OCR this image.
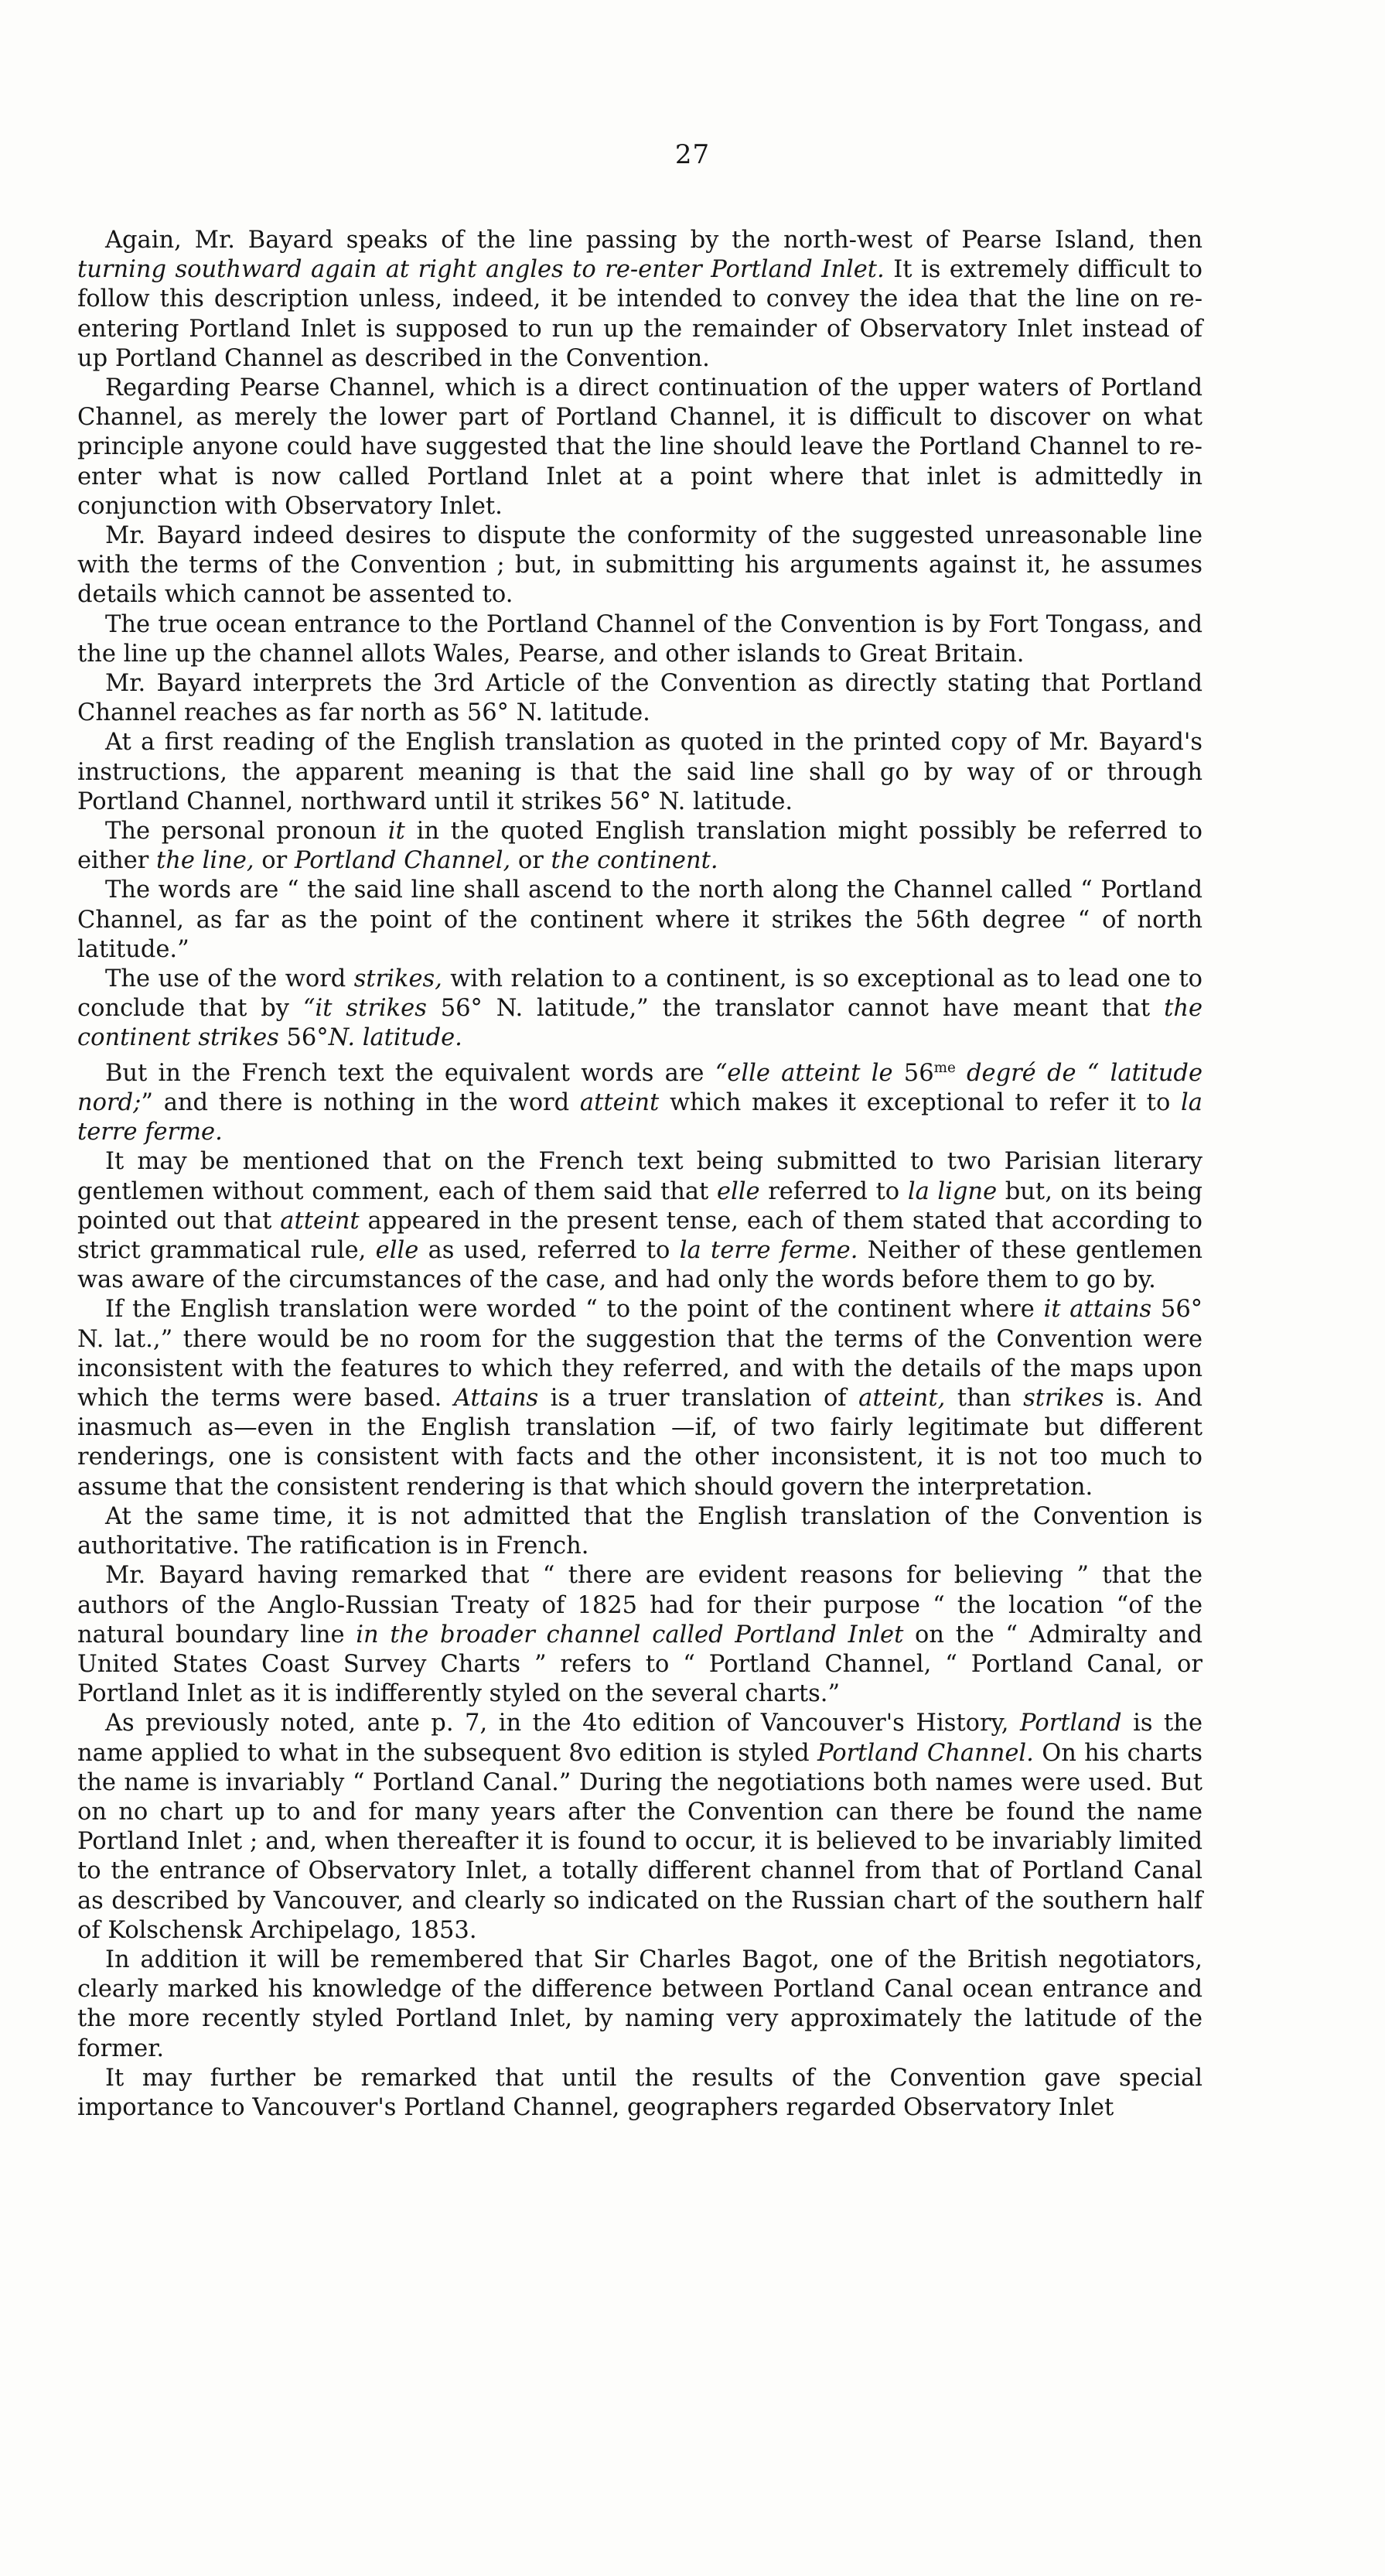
27

Again, Mr. Bayard speaks of the line passing by the north-west of Pearse Island, then turning southward again at right angles to re-enter Portland Inlet. It is extremely difficult to follow this description unless, indeed, it be intended to convey the idea that the line on re-entering Portland Inlet is supposed to run up the remainder of Observatory Inlet instead of up Portland Channel as described in the Convention.

Regarding Pearse Channel, which is a direct continuation of the upper waters of Portland Channel, as merely the lower part of Portland Channel, it is difficult to discover on what principle anyone could have suggested that the line should leave the Portland Channel to re-enter what is now called Portland Inlet at a point where that inlet is admittedly in conjunction with Observatory Inlet.

Mr. Bayard indeed desires to dispute the conformity of the suggested unreasonable line with the terms of the Convention ; but, in submitting his arguments against it, he assumes details which cannot be assented to.

The true ocean entrance to the Portland Channel of the Convention is by Fort Tongass, and the line up the channel allots Wales, Pearse, and other islands to Great Britain.

Mr. Bayard interprets the 3rd Article of the Convention as directly stating that Portland Channel reaches as far north as 56° N. latitude.

At a first reading of the English translation as quoted in the printed copy of Mr. Bayard's instructions, the apparent meaning is that the said line shall go by way of or through Portland Channel, northward until it strikes 56° N. latitude.

The personal pronoun it in the quoted English translation might possibly be referred to either the line, or Portland Channel, or the continent.

The words are “ the said line shall ascend to the north along the Channel called “ Portland Channel, as far as the point of the continent where it strikes the 56th degree “ of north latitude.”

The use of the word strikes, with relation to a continent, is so exceptional as to lead one to conclude that by “it strikes 56° N. latitude,” the translator cannot have meant that the continent strikes 56°N. latitude.

But in the French text the equivalent words are “elle atteint le $56^{me}$ degré de “ latitude nord;” and there is nothing in the word atteint which makes it exceptional to refer it to la terre ferme.

It may be mentioned that on the French text being submitted to two Parisian literary gentlemen without comment, each of them said that elle referred to la ligne but, on its being pointed out that atteint appeared in the present tense, each of them stated that according to strict grammatical rule, elle as used, referred to la terre ferme. Neither of these gentlemen was aware of the circumstances of the case, and had only the words before them to go by.

If the English translation were worded “ to the point of the continent where it attains 56° N. lat.,” there would be no room for the suggestion that the terms of the Convention were inconsistent with the features to which they referred, and with the details of the maps upon which the terms were based. Attains is a truer translation of atteint, than strikes is. And inasmuch as—even in the English translation —if, of two fairly legitimate but different renderings, one is consistent with facts and the other inconsistent, it is not too much to assume that the consistent rendering is that which should govern the interpretation.

At the same time, it is not admitted that the English translation of the Convention is authoritative. The ratification is in French.

Mr. Bayard having remarked that “ there are evident reasons for believing ” that the authors of the Anglo-Russian Treaty of 1825 had for their purpose “ the location “of the natural boundary line in the broader channel called Portland Inlet on the “ Admiralty and United States Coast Survey Charts ” refers to “ Portland Channel, “ Portland Canal, or Portland Inlet as it is indifferently styled on the several charts.”

As previously noted, ante p. 7, in the 4to edition of Vancouver's History, Portland is the name applied to what in the subsequent 8vo edition is styled Portland Channel. On his charts the name is invariably “ Portland Canal.” During the negotiations both names were used. But on no chart up to and for many years after the Convention can there be found the name Portland Inlet ; and, when thereafter it is found to occur, it is believed to be invariably limited to the entrance of Observatory Inlet, a totally different channel from that of Portland Canal as described by Vancouver, and clearly so indicated on the Russian chart of the southern half of Kolschensk Archipelago, 1853.

In addition it will be remembered that Sir Charles Bagot, one of the British negotiators, clearly marked his knowledge of the difference between Portland Canal ocean entrance and the more recently styled Portland Inlet, by naming very approximately the latitude of the former.

It may further be remarked that until the results of the Convention gave special importance to Vancouver's Portland Channel, geographers regarded Observatory Inlet
